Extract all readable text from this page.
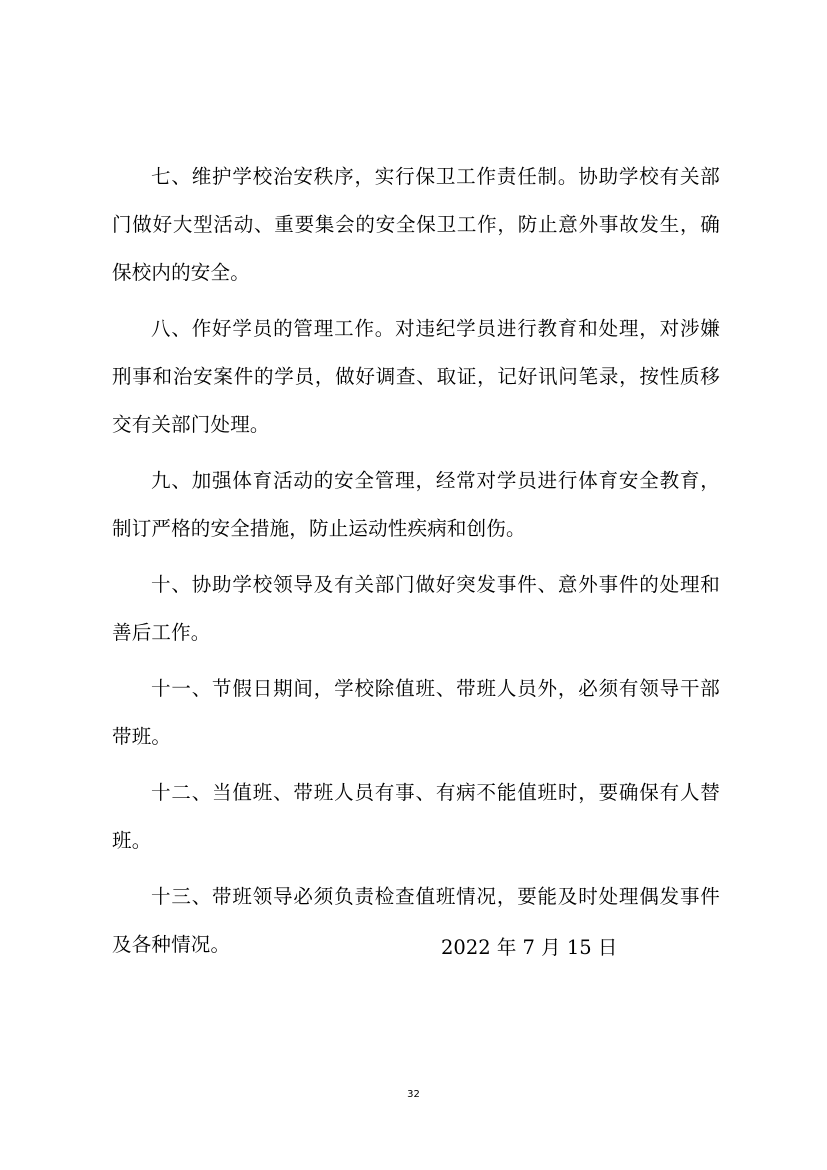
七、维护学校治安秩序，实行保卫工作责任制。协助学校有关部门做好大型活动、重要集会的安全保卫工作，防止意外事故发生，确保校内的安全。

八、作好学员的管理工作。对违纪学员进行教育和处理，对涉嫌刑事和治安案件的学员，做好调查、取证，记好讯问笔录，按性质移交有关部门处理。

九、加强体育活动的安全管理，经常对学员进行体育安全教育，制订严格的安全措施，防止运动性疾病和创伤。

十、协助学校领导及有关部门做好突发事件、意外事件的处理和善后工作。

十一、节假日期间，学校除值班、带班人员外，必须有领导干部带班。

十二、当值班、带班人员有事、有病不能值班时，要确保有人替班。

十三、带班领导必须负责检查值班情况，要能及时处理偶发事件及各种情况。	2022 年 7 月 15 日
32
